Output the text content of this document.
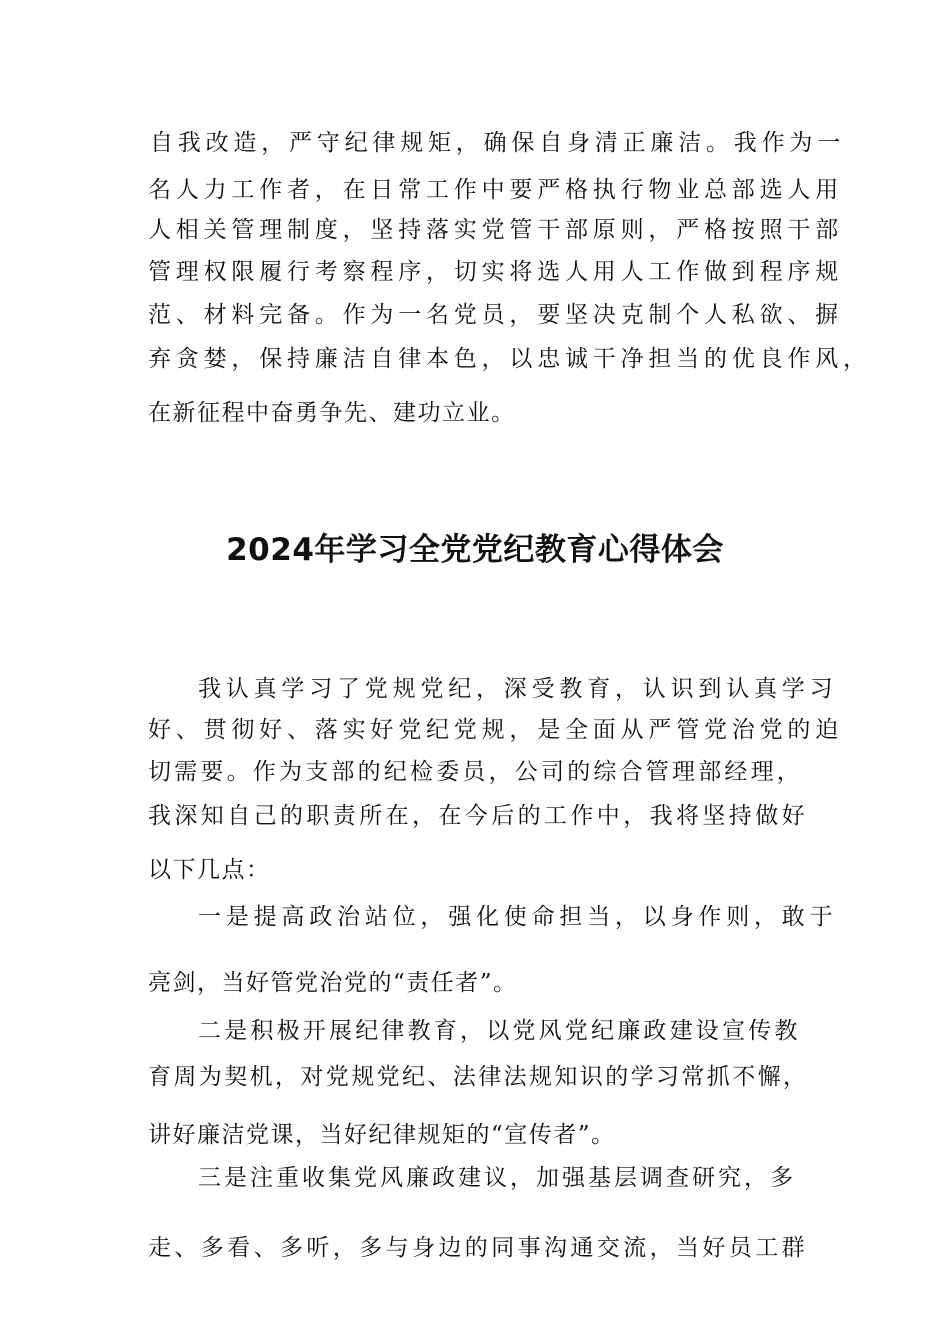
自我改造，严守纪律规矩，确保自身清正廉洁。我作为一
名人力工作者，在日常工作中要严格执行物业总部选人用
人相关管理制度，坚持落实党管干部原则，严格按照干部
管理权限履行考察程序，切实将选人用人工作做到程序规
范、材料完备。作为一名党员，要坚决克制个人私欲、摒
弃贪婪，保持廉洁自律本色，以忠诚干净担当的优良作风，
在新征程中奋勇争先、建功立业。
2024年学习全党党纪教育心得体会
我认真学习了党规党纪，深受教育，认识到认真学习
好、贯彻好、落实好党纪党规，是全面从严管党治党的迫
切需要。作为支部的纪检委员，公司的综合管理部经理，
我深知自己的职责所在，在今后的工作中，我将坚持做好
以下几点：
一是提高政治站位，强化使命担当，以身作则，敢于
亮剑，当好管党治党的“责任者”。
二是积极开展纪律教育，以党风党纪廉政建设宣传教
育周为契机，对党规党纪、法律法规知识的学习常抓不懈，
讲好廉洁党课，当好纪律规矩的“宣传者”。
三是注重收集党风廉政建议，加强基层调查研究，多
走、多看、多听，多与身边的同事沟通交流，当好员工群
